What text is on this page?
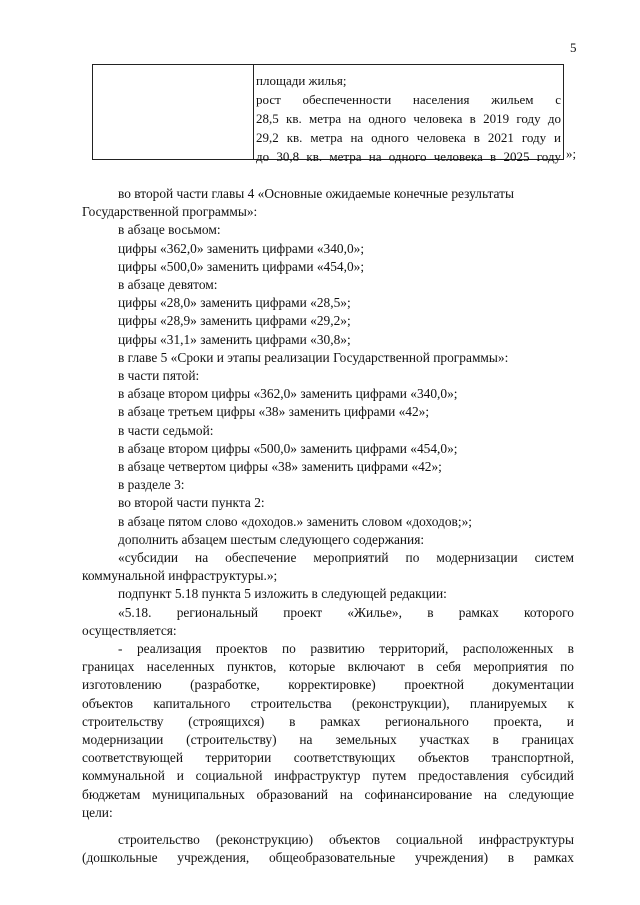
5
площади жилья;
рост обеспеченности населения жильем с
28,5 кв. метра на одного человека в 2019 году до
29,2 кв. метра на одного человека в 2021 году и
до 30,8 кв. метра на одного человека в 2025 году »;
во второй части главы 4 «Основные ожидаемые конечные результаты
Государственной программы»:
в абзаце восьмом:
цифры «362,0» заменить цифрами «340,0»;
цифры «500,0» заменить цифрами «454,0»;
в абзаце девятом:
цифры «28,0» заменить цифрами «28,5»;
цифры «28,9» заменить цифрами «29,2»;
цифры «31,1» заменить цифрами «30,8»;
в главе 5 «Сроки и этапы реализации Государственной программы»:
в части пятой:
в абзаце втором цифры «362,0» заменить цифрами «340,0»;
в абзаце третьем цифры «38» заменить цифрами «42»;
в части седьмой:
в абзаце втором цифры «500,0» заменить цифрами «454,0»;
в абзаце четвертом цифры «38» заменить цифрами «42»;
в разделе 3:
во второй части пункта 2:
в абзаце пятом слово «доходов.» заменить словом «доходов;»;
дополнить абзацем шестым следующего содержания:
«субсидии на обеспечение мероприятий по модернизации систем
коммунальной инфраструктуры.»;
подпункт 5.18 пункта 5 изложить в следующей редакции:
«5.18. региональный проект «Жилье», в рамках которого
осуществляется:
- реализация проектов по развитию территорий, расположенных в
границах населенных пунктов, которые включают в себя мероприятия по
изготовлению (разработке, корректировке) проектной документации
объектов капитального строительства (реконструкции), планируемых к
строительству (строящихся) в рамках регионального проекта, и
модернизации (строительству) на земельных участках в границах
соответствующей территории соответствующих объектов транспортной,
коммунальной и социальной инфраструктур путем предоставления субсидий
бюджетам муниципальных образований на софинансирование на следующие
цели:
строительство (реконструкцию) объектов социальной инфраструктуры
(дошкольные учреждения, общеобразовательные учреждения) в рамках
